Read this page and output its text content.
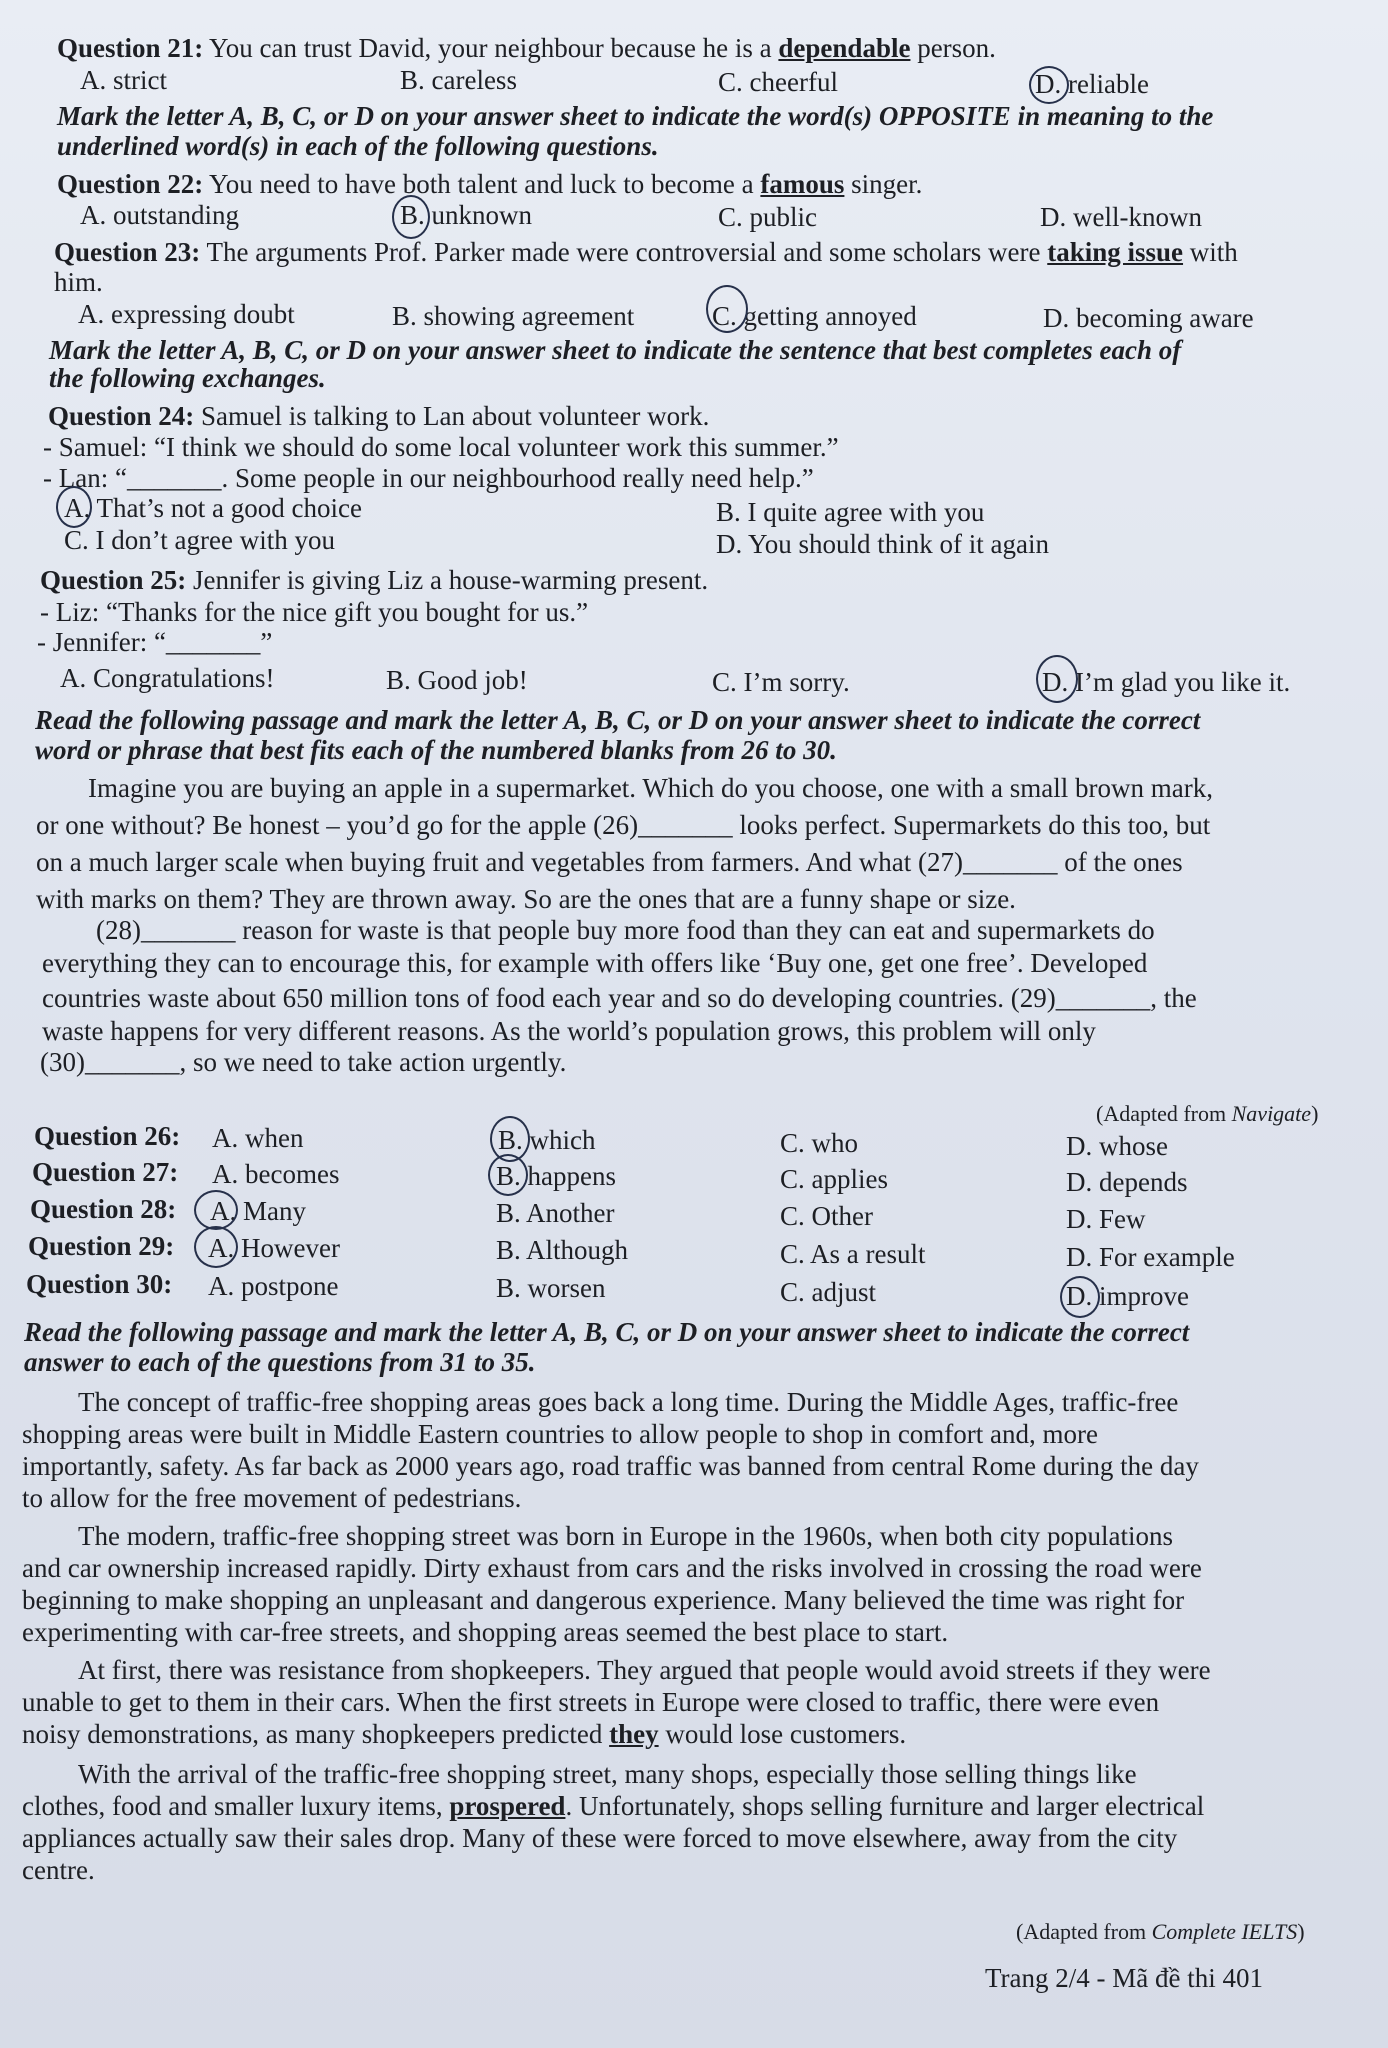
Question 21: You can trust David, your neighbour because he is a dependable person.
A. strict	B. careless	C. cheerful	D. reliable
Mark the letter A, B, C, or D on your answer sheet to indicate the word(s) OPPOSITE in meaning to the
underlined word(s) in each of the following questions.
Question 22: You need to have both talent and luck to become a famous singer.
A. outstanding	B. unknown	C. public	D. well-known
Question 23: The arguments Prof. Parker made were controversial and some scholars were taking issue with
him.
A. expressing doubt	B. showing agreement	C. getting annoyed	D. becoming aware
Mark the letter A, B, C, or D on your answer sheet to indicate the sentence that best completes each of
the following exchanges.
Question 24: Samuel is talking to Lan about volunteer work.
- Samuel: “I think we should do some local volunteer work this summer.”
- Lan: “_______. Some people in our neighbourhood really need help.”
A. That’s not a good choice	B. I quite agree with you
C. I don’t agree with you	D. You should think of it again
Question 25: Jennifer is giving Liz a house-warming present.
- Liz: “Thanks for the nice gift you bought for us.”
- Jennifer: “_______”
A. Congratulations!	B. Good job!	C. I’m sorry.	D. I’m glad you like it.
Read the following passage and mark the letter A, B, C, or D on your answer sheet to indicate the correct
word or phrase that best fits each of the numbered blanks from 26 to 30.
Imagine you are buying an apple in a supermarket. Which do you choose, one with a small brown mark,
or one without? Be honest – you’d go for the apple (26)_______ looks perfect. Supermarkets do this too, but
on a much larger scale when buying fruit and vegetables from farmers. And what (27)_______ of the ones
with marks on them? They are thrown away. So are the ones that are a funny shape or size.
(28)_______ reason for waste is that people buy more food than they can eat and supermarkets do
everything they can to encourage this, for example with offers like ‘Buy one, get one free’. Developed
countries waste about 650 million tons of food each year and so do developing countries. (29)_______, the
waste happens for very different reasons. As the world’s population grows, this problem will only
(30)_______, so we need to take action urgently.
(Adapted from Navigate)
Question 26: A. when	B. which	C. who	D. whose
Question 27: A. becomes	B. happens	C. applies	D. depends
Question 28: A. Many	B. Another	C. Other	D. Few
Question 29: A. However	B. Although	C. As a result	D. For example
Question 30: A. postpone	B. worsen	C. adjust	D. improve
Read the following passage and mark the letter A, B, C, or D on your answer sheet to indicate the correct
answer to each of the questions from 31 to 35.
The concept of traffic-free shopping areas goes back a long time. During the Middle Ages, traffic-free
shopping areas were built in Middle Eastern countries to allow people to shop in comfort and, more
importantly, safety. As far back as 2000 years ago, road traffic was banned from central Rome during the day
to allow for the free movement of pedestrians.
The modern, traffic-free shopping street was born in Europe in the 1960s, when both city populations
and car ownership increased rapidly. Dirty exhaust from cars and the risks involved in crossing the road were
beginning to make shopping an unpleasant and dangerous experience. Many believed the time was right for
experimenting with car-free streets, and shopping areas seemed the best place to start.
At first, there was resistance from shopkeepers. They argued that people would avoid streets if they were
unable to get to them in their cars. When the first streets in Europe were closed to traffic, there were even
noisy demonstrations, as many shopkeepers predicted they would lose customers.
With the arrival of the traffic-free shopping street, many shops, especially those selling things like
clothes, food and smaller luxury items, prospered. Unfortunately, shops selling furniture and larger electrical
appliances actually saw their sales drop. Many of these were forced to move elsewhere, away from the city
centre.
(Adapted from Complete IELTS)
Trang 2/4 - Mã đề thi 401
